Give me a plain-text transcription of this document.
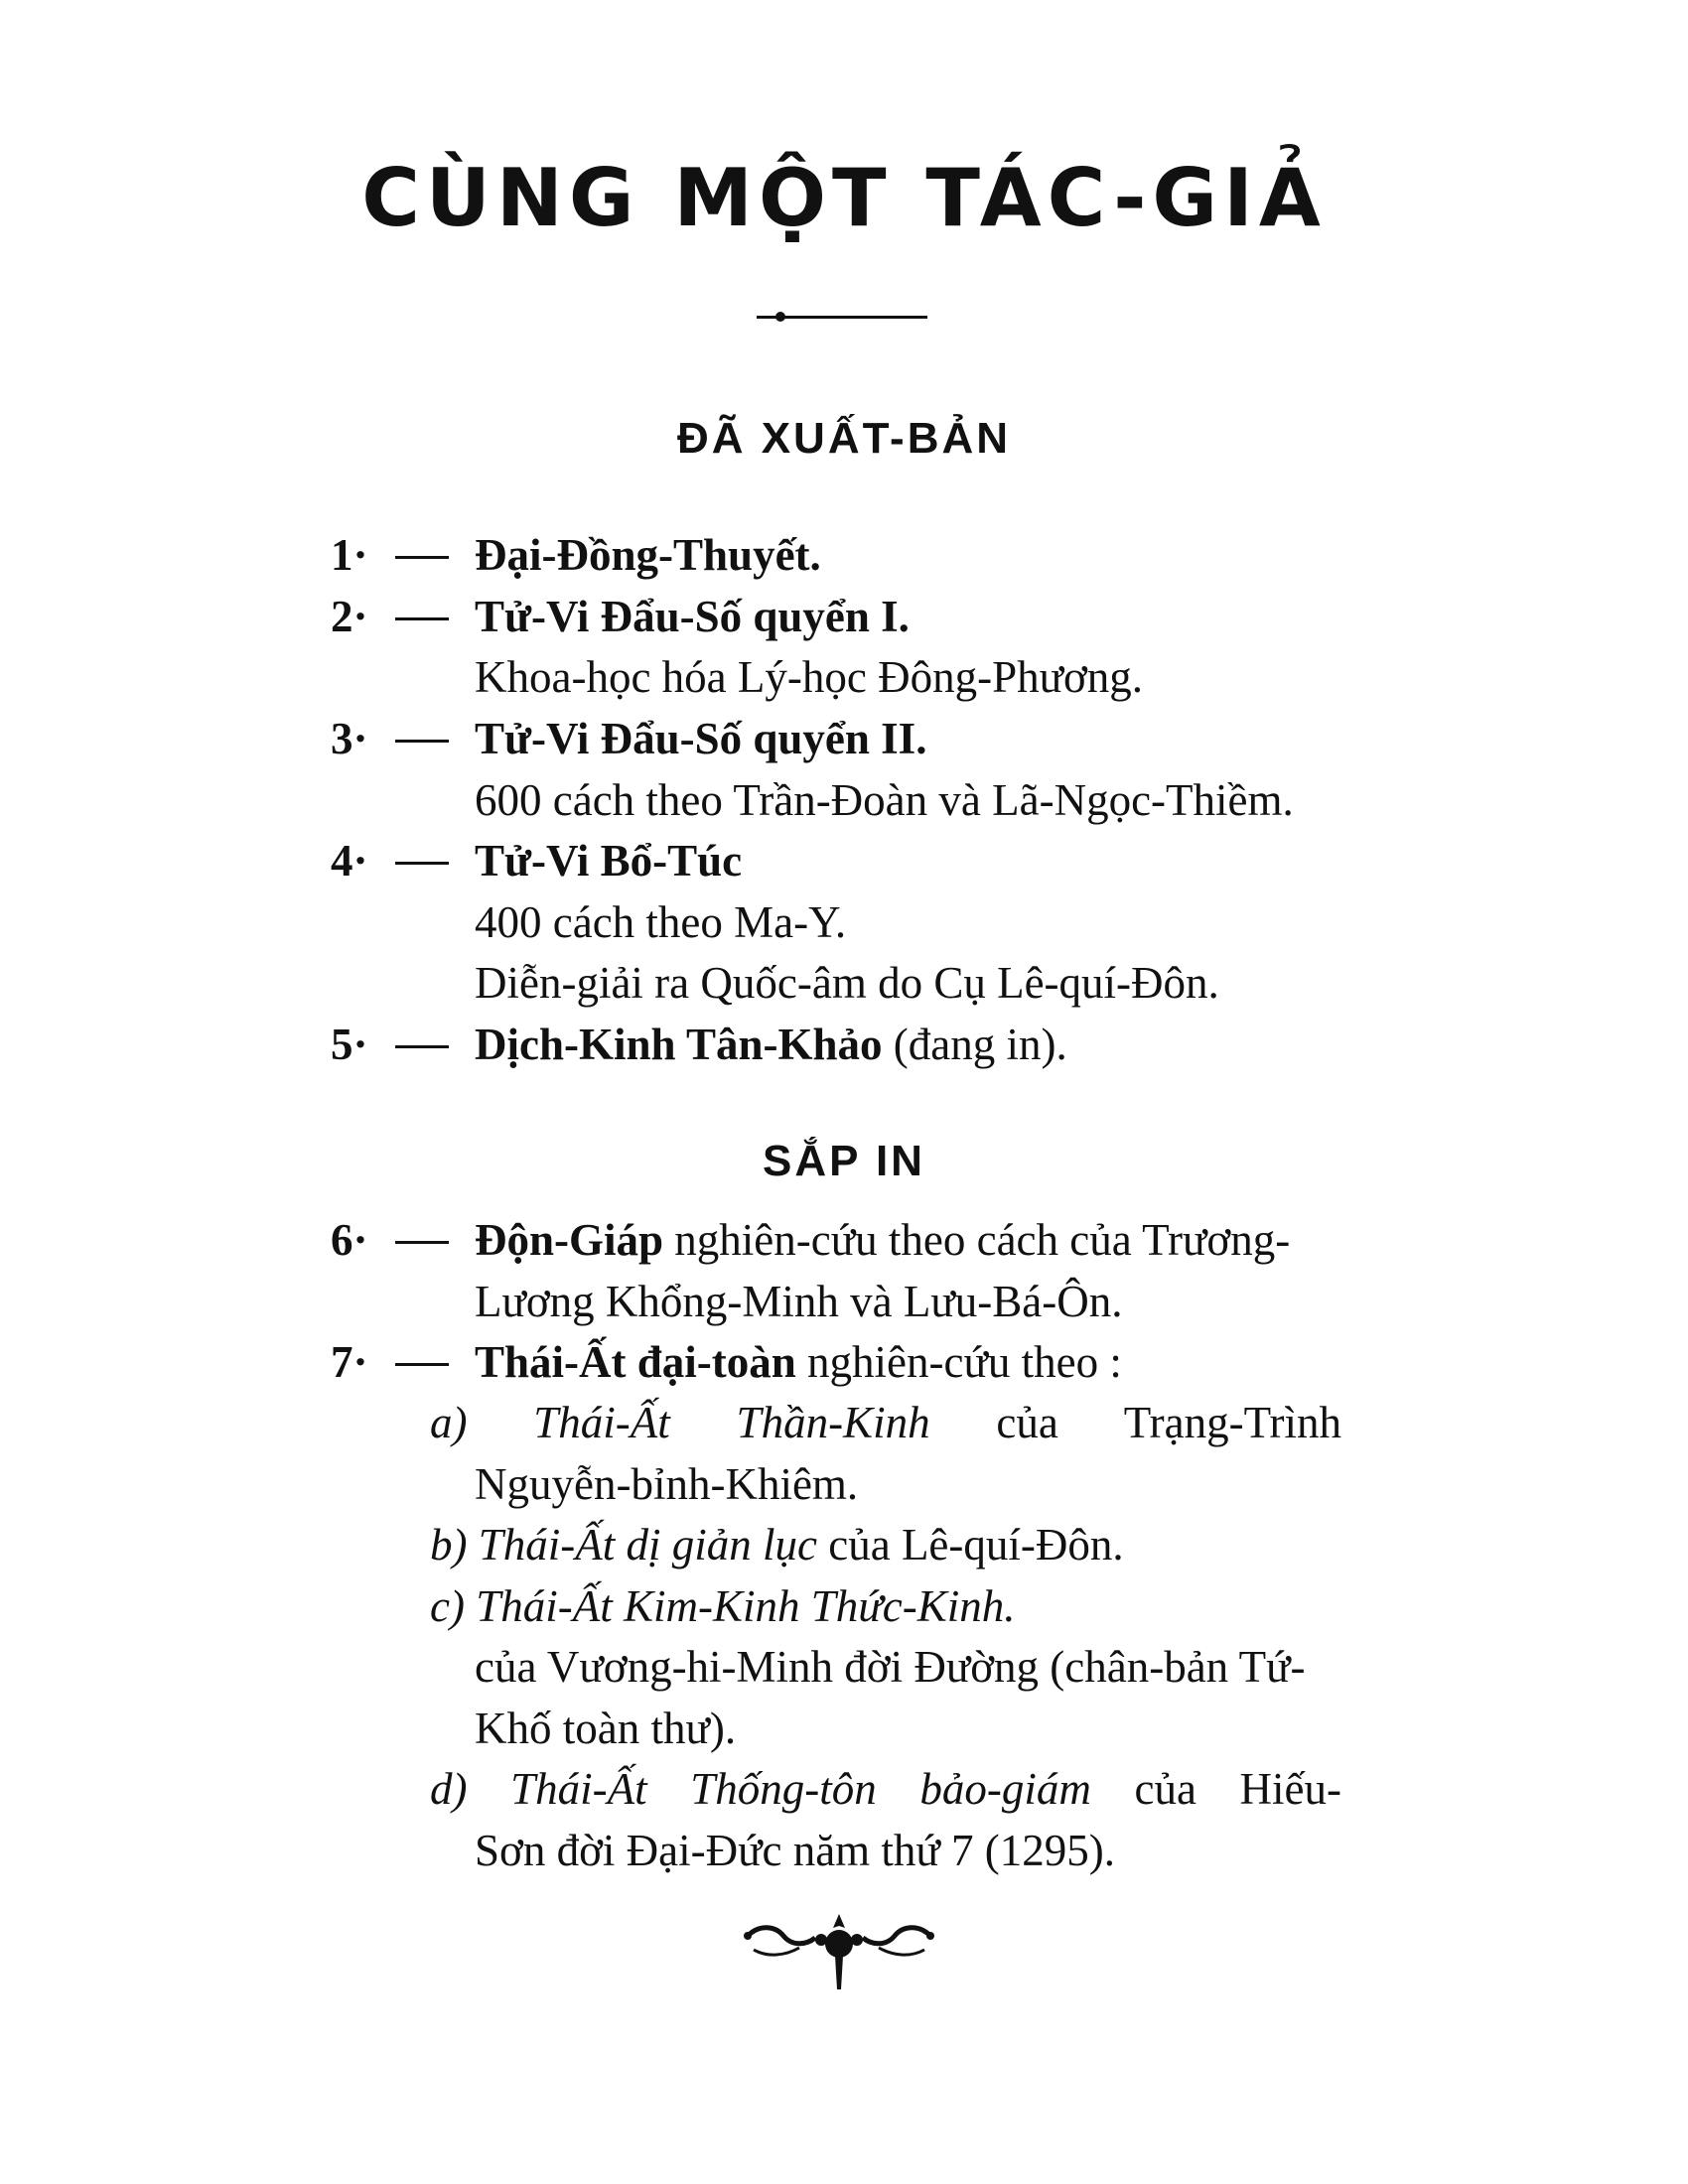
CÙNG MỘT TÁC-GIẢ
ĐÃ XUẤT-BẢN
1· Đại-Đồng-Thuyết.
2· Tử-Vi Đẩu-Số quyển I.
Khoa-học hóa Lý-học Đông-Phương.
3· Tử-Vi Đẩu-Số quyển II.
600 cách theo Trần-Đoàn và Lã-Ngọc-Thiềm.
4· Tử-Vi Bổ-Túc
400 cách theo Ma-Y.
Diễn-giải ra Quốc-âm do Cụ Lê-quí-Đôn.
5· Dịch-Kinh Tân-Khảo (đang in).
SẮP IN
6· Độn-Giáp nghiên-cứu theo cách của Trương-
Lương Khổng-Minh và Lưu-Bá-Ôn.
7· Thái-Ất đại-toàn nghiên-cứu theo :
a) Thái-Ất Thần-Kinh của Trạng-Trình
Nguyễn-bỉnh-Khiêm.
b) Thái-Ất dị giản lục của Lê-quí-Đôn.
c) Thái-Ất Kim-Kinh Thức-Kinh.
của Vương-hi-Minh đời Đường (chân-bản Tứ-
Khố toàn thư).
d) Thái-Ất Thống-tôn bảo-giám của Hiếu-
Sơn đời Đại-Đức năm thứ 7 (1295).
